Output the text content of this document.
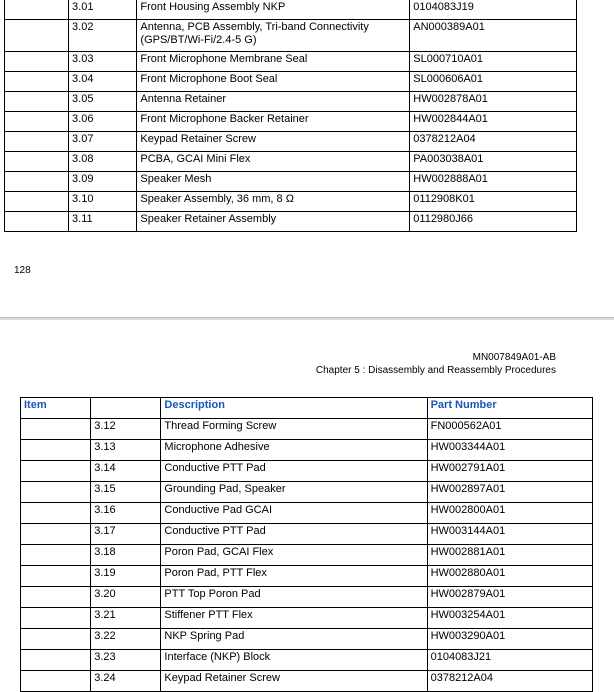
	3.01	Front Housing Assembly NKP	0104083J19
	3.02	Antenna, PCB Assembly, Tri-band Connectivity (GPS/BT/Wi-Fi/2.4-5 G)	AN000389A01
	3.03	Front Microphone Membrane Seal	SL000710A01
	3.04	Front Microphone Boot Seal	SL000606A01
	3.05	Antenna Retainer	HW002878A01
	3.06	Front Microphone Backer Retainer	HW002844A01
	3.07	Keypad Retainer Screw	0378212A04
	3.08	PCBA, GCAI Mini Flex	PA003038A01
	3.09	Speaker Mesh	HW002888A01
	3.10	Speaker Assembly, 36 mm, 8 Ω	0112908K01
	3.11	Speaker Retainer Assembly	0112980J66
128
MN007849A01-AB
Chapter 5 : Disassembly and Reassembly Procedures
Item		Description	Part Number
	3.12	Thread Forming Screw	FN000562A01
	3.13	Microphone Adhesive	HW003344A01
	3.14	Conductive PTT Pad	HW002791A01
	3.15	Grounding Pad, Speaker	HW002897A01
	3.16	Conductive Pad GCAI	HW002800A01
	3.17	Conductive PTT Pad	HW003144A01
	3.18	Poron Pad, GCAI Flex	HW002881A01
	3.19	Poron Pad, PTT Flex	HW002880A01
	3.20	PTT Top Poron Pad	HW002879A01
	3.21	Stiffener PTT Flex	HW003254A01
	3.22	NKP Spring Pad	HW003290A01
	3.23	Interface (NKP) Block	0104083J21
	3.24	Keypad Retainer Screw	0378212A04
